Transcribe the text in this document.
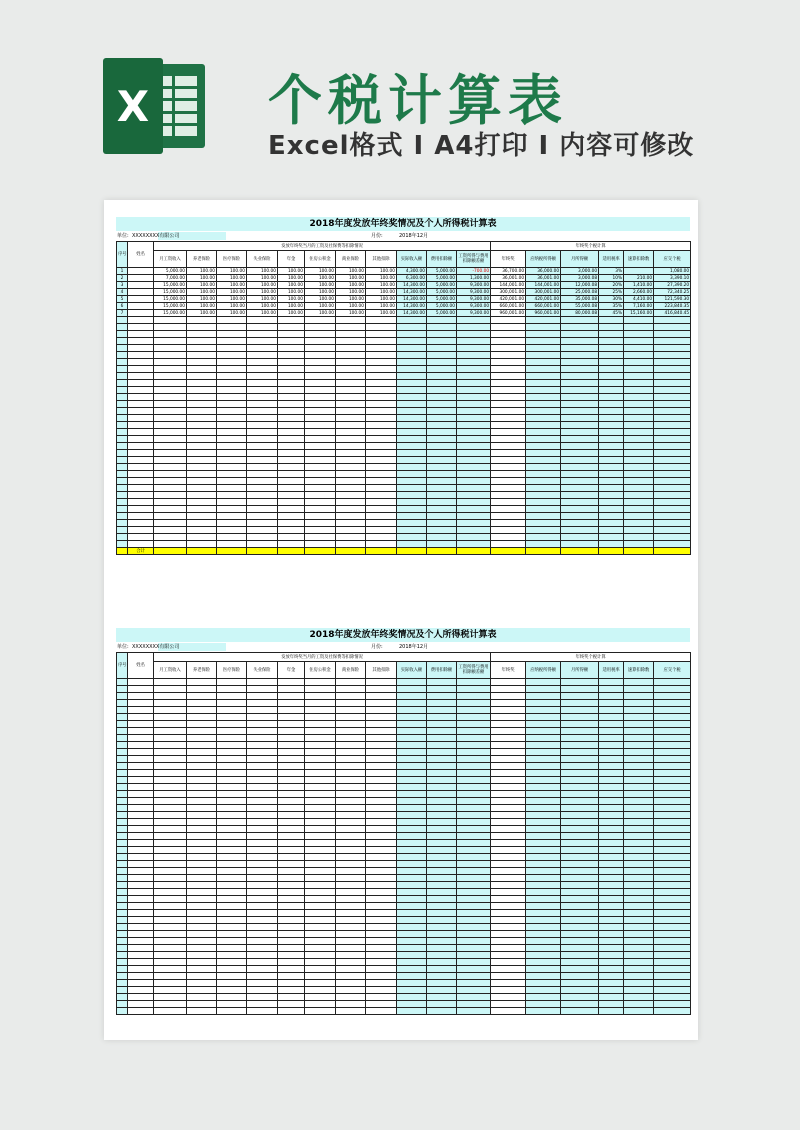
X 个税计算表
Excel格式 I A4打印 I 内容可修改
2018年度发放年终奖情况及个人所得税计算表
单位: XXXXXXXX有限公司	月份:	2018年12月
序号	姓名	发放年终奖当月的工资及社保费等扣除情况											年终奖个税计算					
		月工资收入	养老保险	医疗保险	失业保险	年金	住房公积金	商业保险	其他扣除	实际收入额	费用扣除额	工资所得与费用扣除额差额	年终奖	应纳税所得额	月所得额	适用税率	速算扣除数	应交个税
1		5,000.00	100.00	100.00	100.00	100.00	100.00	100.00	100.00	4,300.00	5,000.00	-700.00	36,700.00	36,000.00	3,000.00	3%		1,080.00
2		7,000.00	100.00	100.00	100.00	100.00	100.00	100.00	100.00	6,300.00	5,000.00	1,300.00	36,001.00	36,001.00	3,000.08	10%	210.00	3,390.10
3		15,000.00	100.00	100.00	100.00	100.00	100.00	100.00	100.00	14,300.00	5,000.00	9,300.00	144,001.00	144,001.00	12,000.08	20%	1,410.00	27,390.20
4		15,000.00	100.00	100.00	100.00	100.00	100.00	100.00	100.00	14,300.00	5,000.00	9,300.00	300,001.00	300,001.00	25,000.08	25%	2,660.00	72,340.25
5		15,000.00	100.00	100.00	100.00	100.00	100.00	100.00	100.00	14,300.00	5,000.00	9,300.00	420,001.00	420,001.00	35,000.08	30%	4,410.00	121,590.30
6		15,000.00	100.00	100.00	100.00	100.00	100.00	100.00	100.00	14,300.00	5,000.00	9,300.00	660,001.00	660,001.00	55,000.08	35%	7,160.00	223,840.35
7		15,000.00	100.00	100.00	100.00	100.00	100.00	100.00	100.00	14,300.00	5,000.00	9,300.00	960,001.00	960,001.00	80,000.08	45%	15,160.00	416,840.45

	合计																	
2018年度发放年终奖情况及个人所得税计算表
单位: XXXXXXXX有限公司	月份:	2018年12月
序号	姓名	发放年终奖当月的工资及社保费等扣除情况											年终奖个税计算					
		月工资收入	养老保险	医疗保险	失业保险	年金	住房公积金	商业保险	其他扣除	实际收入额	费用扣除额	工资所得与费用扣除额差额	年终奖	应纳税所得额	月所得额	适用税率	速算扣除数	应交个税
